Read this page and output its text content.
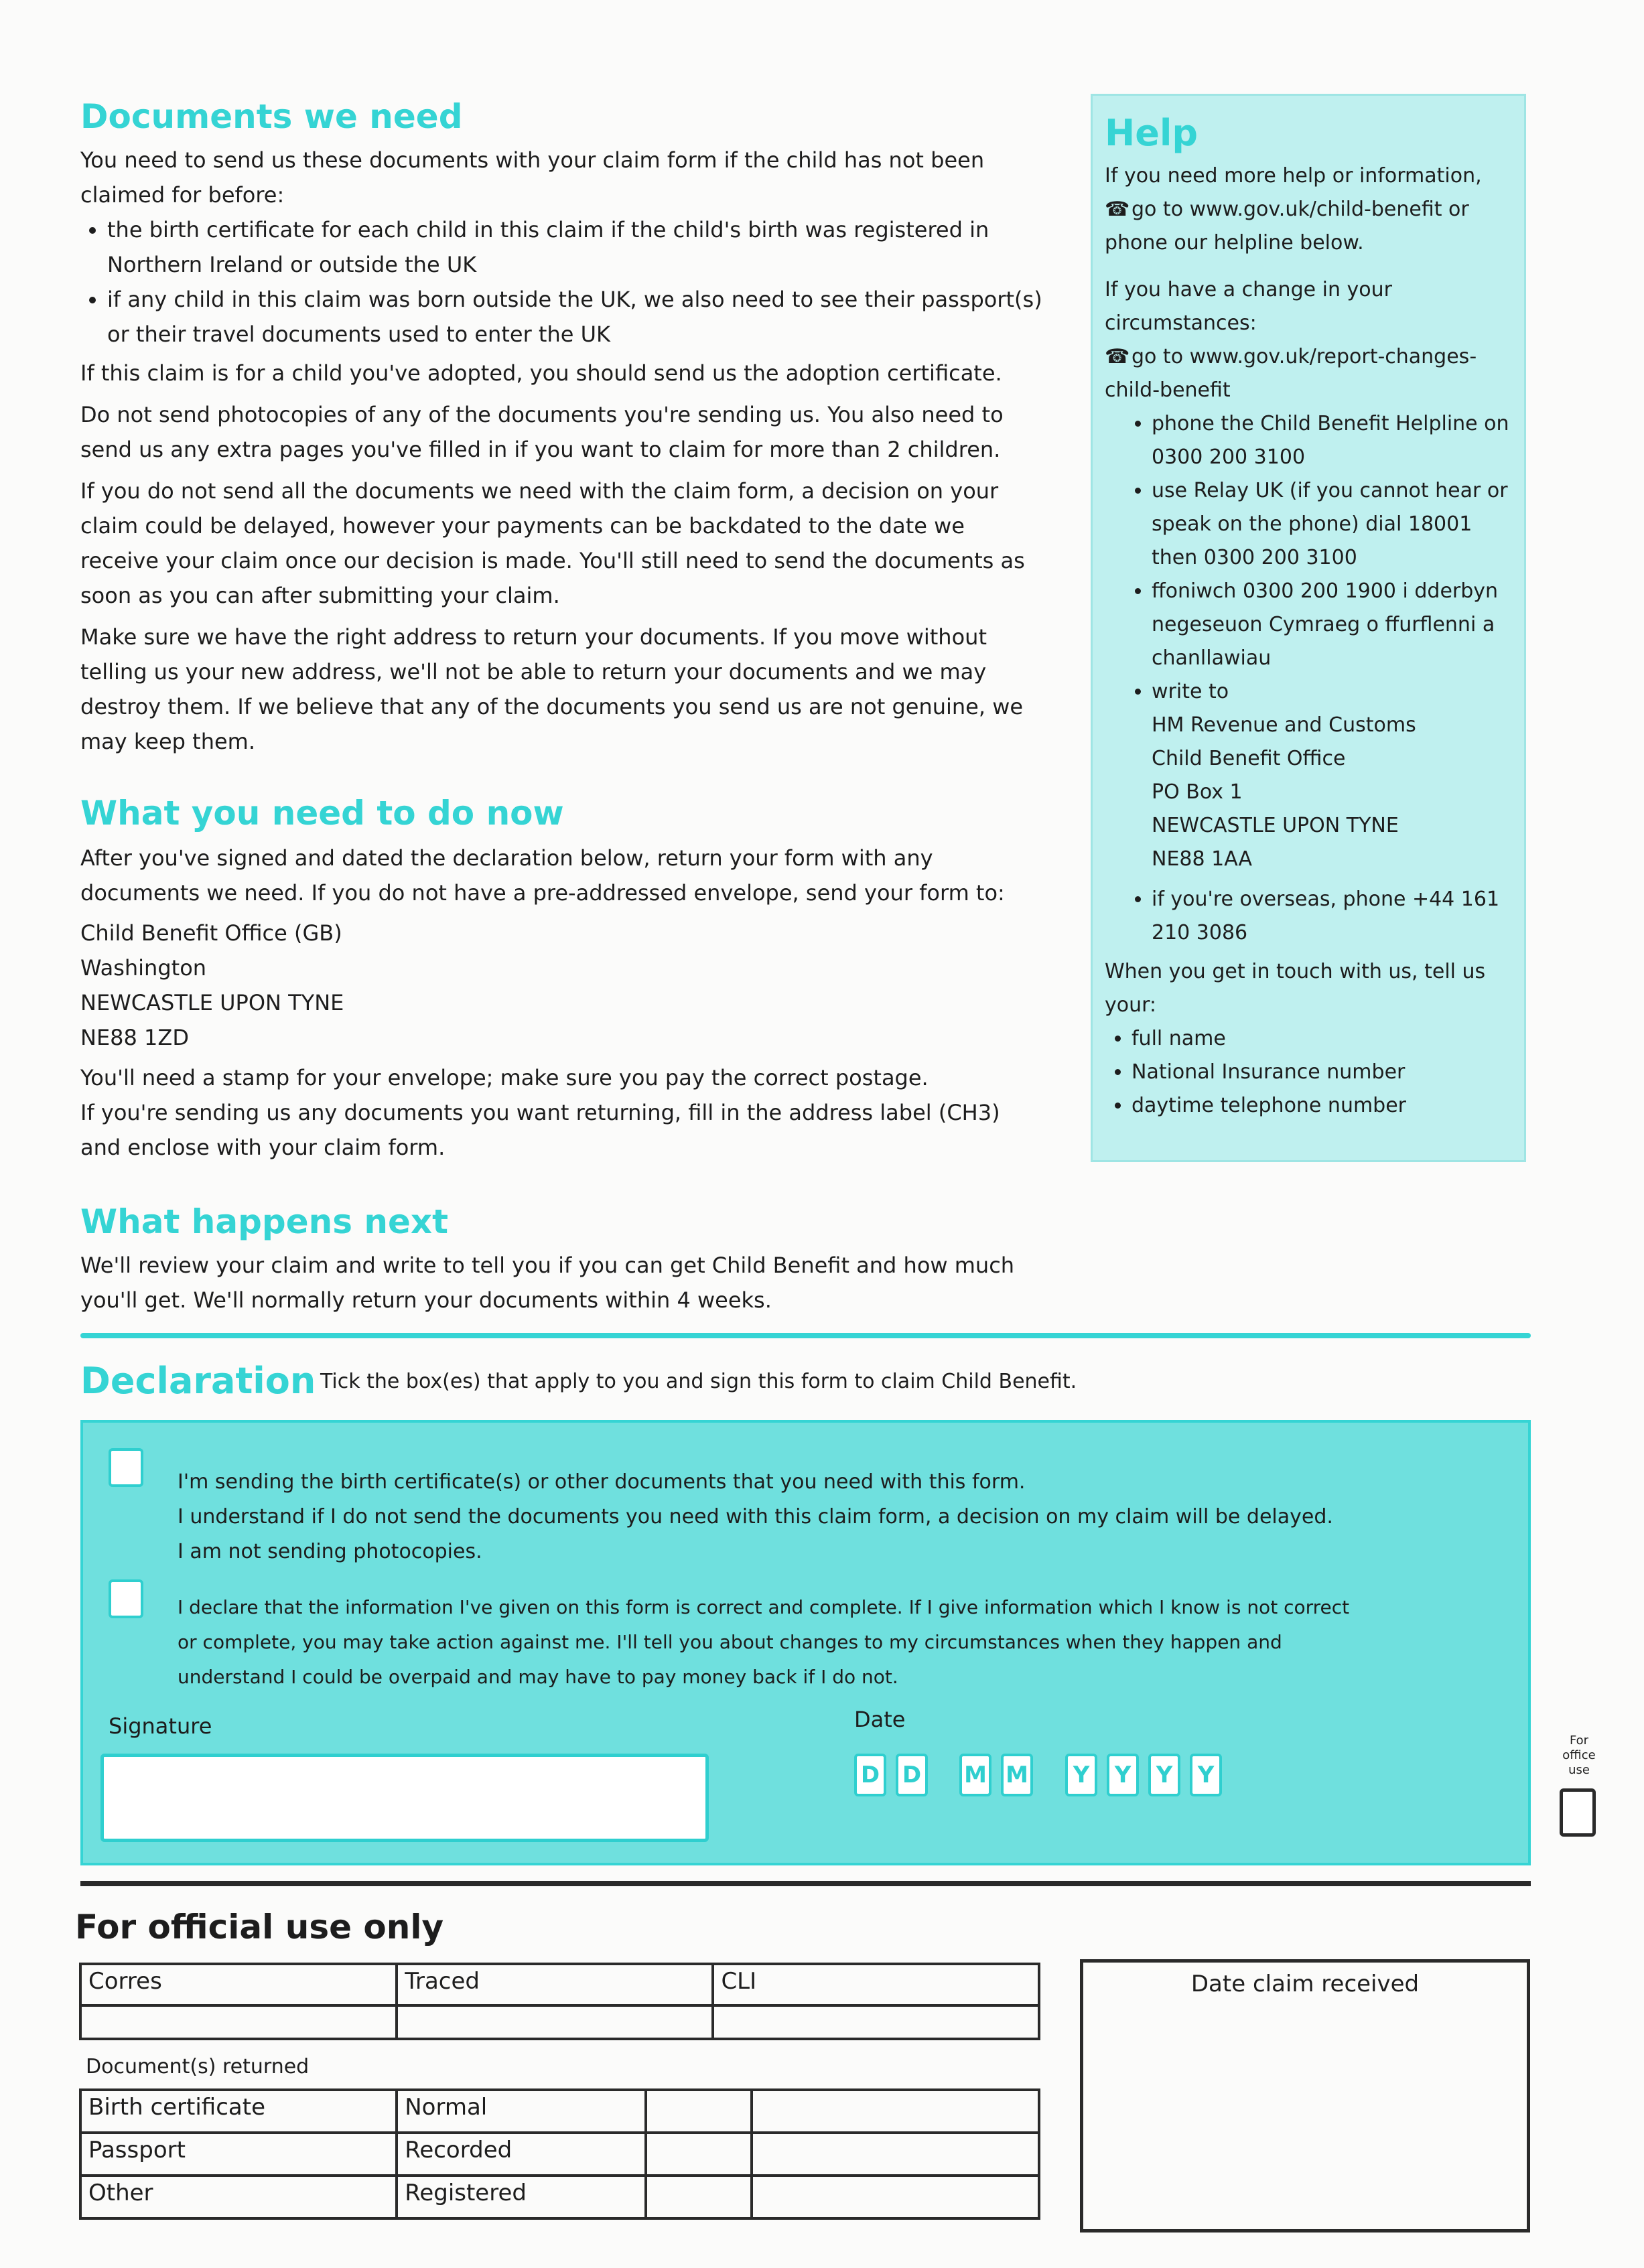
Documents we need

You need to send us these documents with your claim form if the child has not been claimed for before:

• the birth certificate for each child in this claim if the child's birth was registered in Northern Ireland or outside the UK
• if any child in this claim was born outside the UK, we also need to see their passport(s) or their travel documents used to enter the UK

If this claim is for a child you've adopted, you should send us the adoption certificate.

Do not send photocopies of any of the documents you're sending us. You also need to send us any extra pages you've filled in if you want to claim for more than 2 children.

If you do not send all the documents we need with the claim form, a decision on your claim could be delayed, however your payments can be backdated to the date we receive your claim once our decision is made. You'll still need to send the documents as soon as you can after submitting your claim.

Make sure we have the right address to return your documents. If you move without telling us your new address, we'll not be able to return your documents and we may destroy them. If we believe that any of the documents you send us are not genuine, we may keep them.

What you need to do now

After you've signed and dated the declaration below, return your form with any documents we need. If you do not have a pre-addressed envelope, send your form to:

Child Benefit Office (GB)

Washington

NEWCASTLE UPON TYNE

NE88 1ZD

You'll need a stamp for your envelope; make sure you pay the correct postage.

If you're sending us any documents you want returning, fill in the address label (CH3) and enclose with your claim form.

What happens next

We'll review your claim and write to tell you if you can get Child Benefit and how much you'll get. We'll normally return your documents within 4 weeks.

Help

If you need more help or information,

☎go to www.gov.uk/child-benefit or phone our helpline below.

If you have a change in your circumstances:

☎go to www.gov.uk/report-changes-child-benefit

• phone the Child Benefit Helpline on 0300 200 3100
• use Relay UK (if you cannot hear or speak on the phone) dial 18001 then 0300 200 3100
• ffoniwch 0300 200 1900 i dderbyn negeseuon Cymraeg o ffurflenni a chanllawiau
• write to

HM Revenue and Customs

Child Benefit Office

PO Box 1

NEWCASTLE UPON TYNE

NE88 1AA

• if you're overseas, phone +44 161 210 3086

When you get in touch with us, tell us your:

• full name
• National Insurance number
• daytime telephone number
Declaration Tick the box(es) that apply to you and sign this form to claim Child Benefit.

I'm sending the birth certificate(s) or other documents that you need with this form.

I understand if I do not send the documents you need with this claim form, a decision on my claim will be delayed.

I am not sending photocopies.

I declare that the information I've given on this form is correct and complete. If I give information which I know is not correct

or complete, you may take action against me. I'll tell you about changes to my circumstances when they happen and

understand I could be overpaid and may have to pay money back if I do not.

Signature	Date
D D M M	Y	Y	Y	Y
For office use
For official use only
Corres	Traced	CLI

Document(s) returned
Birth certificate	Normal		
Passport	Recorded		
Other	Registered		
Date claim received
